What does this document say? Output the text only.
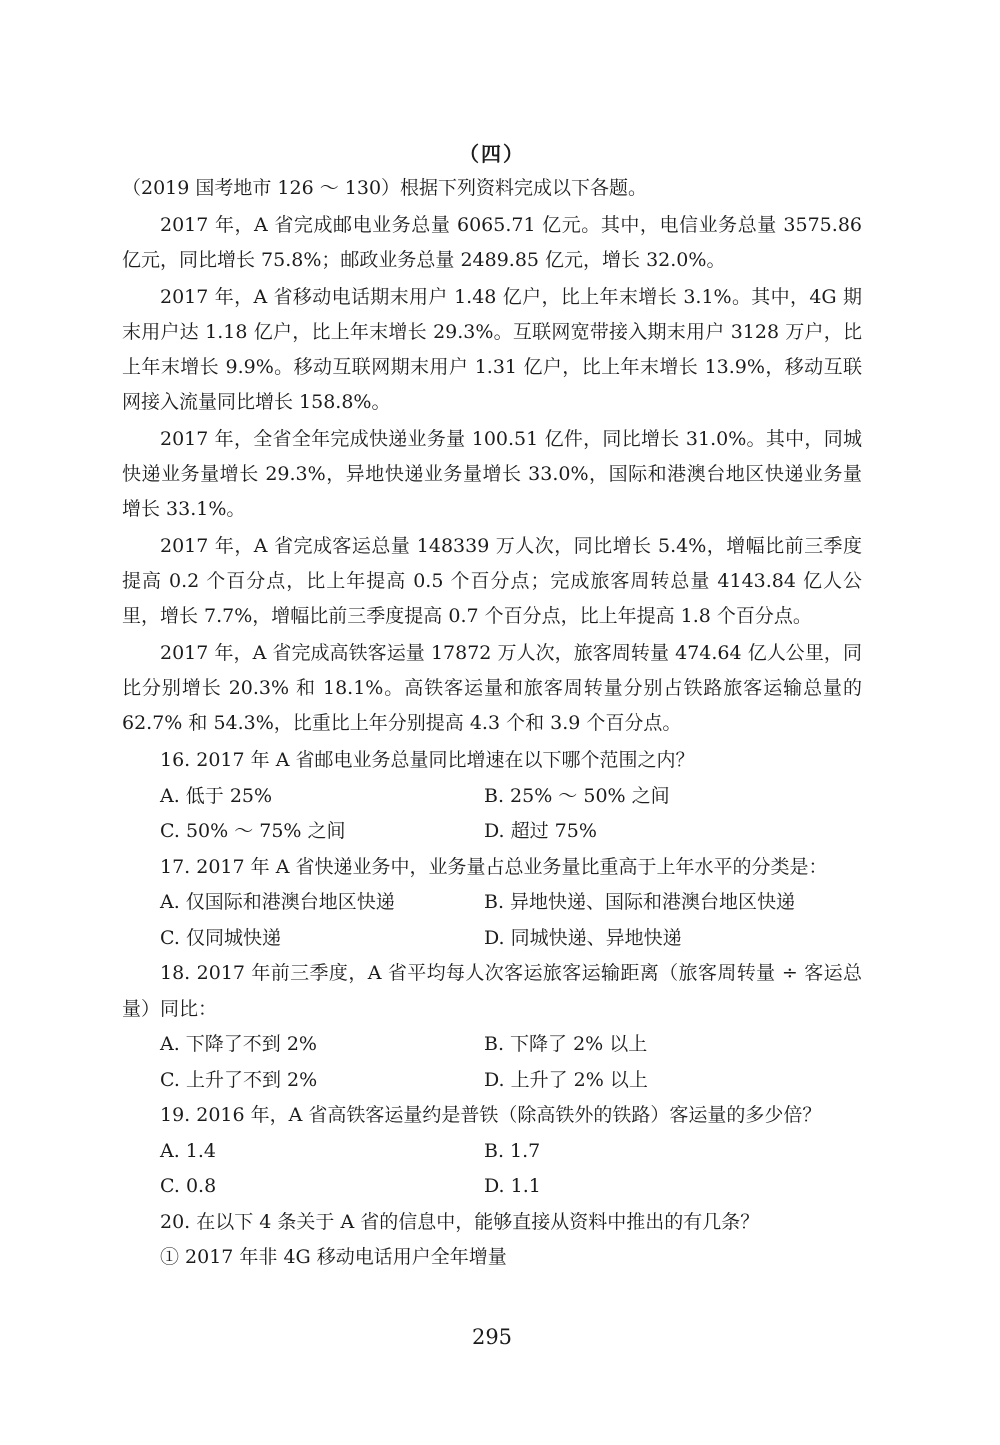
（四）
（2019 国考地市 126 ～ 130）根据下列资料完成以下各题。

2017 年，A 省完成邮电业务总量 6065.71 亿元。其中，电信业务总量 3575.86 亿元，同比增长 75.8%；邮政业务总量 2489.85 亿元，增长 32.0%。

2017 年，A 省移动电话期末用户 1.48 亿户，比上年末增长 3.1%。其中，4G 期末用户达 1.18 亿户，比上年末增长 29.3%。互联网宽带接入期末用户 3128 万户，比上年末增长 9.9%。移动互联网期末用户 1.31 亿户，比上年末增长 13.9%，移动互联网接入流量同比增长 158.8%。

2017 年，全省全年完成快递业务量 100.51 亿件，同比增长 31.0%。其中，同城快递业务量增长 29.3%，异地快递业务量增长 33.0%，国际和港澳台地区快递业务量增长 33.1%。

2017 年，A 省完成客运总量 148339 万人次，同比增长 5.4%，增幅比前三季度提高 0.2 个百分点，比上年提高 0.5 个百分点；完成旅客周转总量 4143.84 亿人公里，增长 7.7%，增幅比前三季度提高 0.7 个百分点，比上年提高 1.8 个百分点。

2017 年，A 省完成高铁客运量 17872 万人次，旅客周转量 474.64 亿人公里，同比分别增长 20.3% 和 18.1%。高铁客运量和旅客周转量分别占铁路旅客运输总量的 62.7% 和 54.3%，比重比上年分别提高 4.3 个和 3.9 个百分点。

16. 2017 年 A 省邮电业务总量同比增速在以下哪个范围之内？

A. 低于 25%	B. 25% ～ 50% 之间
C. 50% ～ 75% 之间	D. 超过 75%

17. 2017 年 A 省快递业务中，业务量占总业务量比重高于上年水平的分类是：

A. 仅国际和港澳台地区快递	B. 异地快递、国际和港澳台地区快递
C. 仅同城快递	D. 同城快递、异地快递

18. 2017 年前三季度，A 省平均每人次客运旅客运输距离（旅客周转量 ÷ 客运总量）同比：

A. 下降了不到 2%	B. 下降了 2% 以上
C. 上升了不到 2%	D. 上升了 2% 以上

19. 2016 年，A 省高铁客运量约是普铁（除高铁外的铁路）客运量的多少倍？

A. 1.4	B. 1.7
C. 0.8	D. 1.1

20. 在以下 4 条关于 A 省的信息中，能够直接从资料中推出的有几条？

① 2017 年非 4G 移动电话用户全年增量
295
